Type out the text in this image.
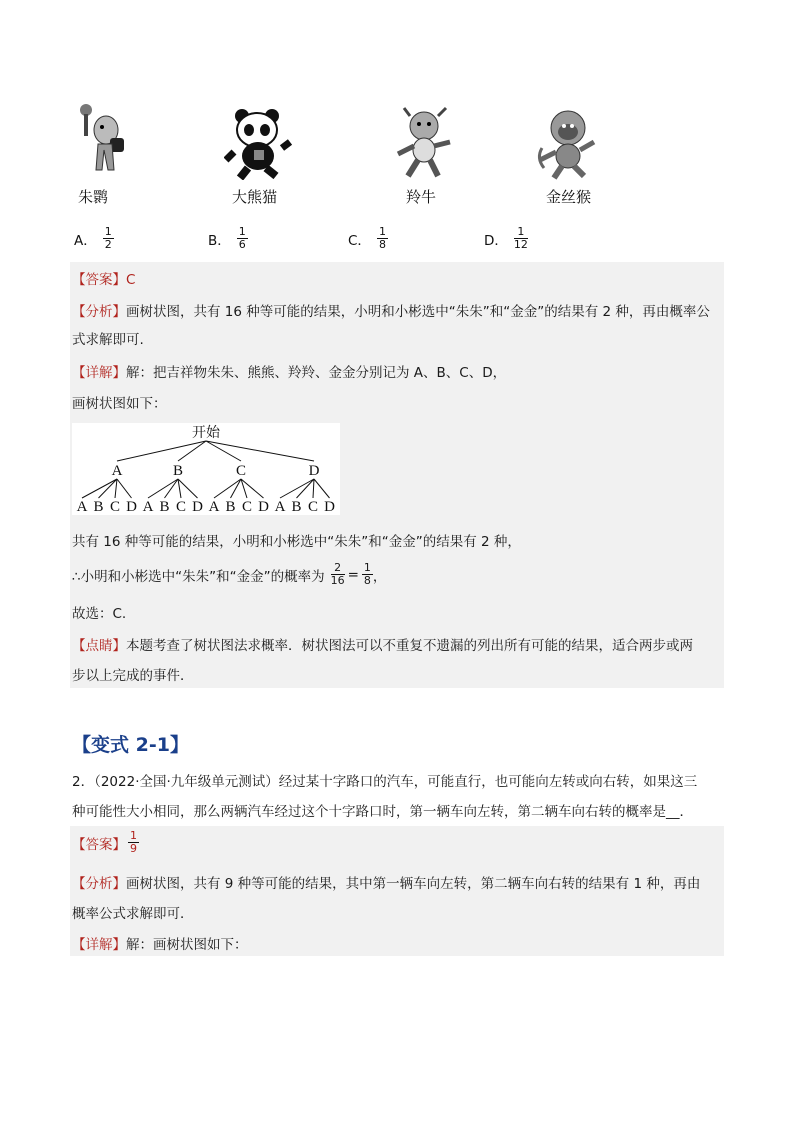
朱鹮	大熊猫	羚牛	金丝猴
A． $\frac{1}{2}$	B． $\frac{1}{6}$	C． $\frac{1}{8}$	D． $\frac{1}{12}$
【答案】C
【分析】画树状图，共有 16 种等可能的结果，小明和小彬选中“朱朱”和“金金”的结果有 2 种，再由概率公
式求解即可.
【详解】解：把吉祥物朱朱、熊熊、羚羚、金金分别记为 A、B、C、D，
画树状图如下：
开始
A	B	C	D
A B C D A B C D A B C D A B C D
共有 16 种等可能的结果，小明和小彬选中“朱朱”和“金金”的结果有 2 种，
∴小明和小彬选中“朱朱”和“金金”的概率为 $\frac{2}{16} = \frac{1}{8}$ ，
故选：C.
【点睛】本题考查了树状图法求概率．树状图法可以不重复不遗漏的列出所有可能的结果，适合两步或两
步以上完成的事件．
【变式 2-1】
2．（2022·全国·九年级单元测试）经过某十字路口的汽车，可能直行，也可能向左转或向右转，如果这三
种可能性大小相同，那么两辆汽车经过这个十字路口时，第一辆车向左转，第二辆车向右转的概率是__．
【答案】 $\frac{1}{9}$
【分析】画树状图，共有 9 种等可能的结果，其中第一辆车向左转，第二辆车向右转的结果有 1 种，再由
概率公式求解即可．
【详解】解：画树状图如下：
